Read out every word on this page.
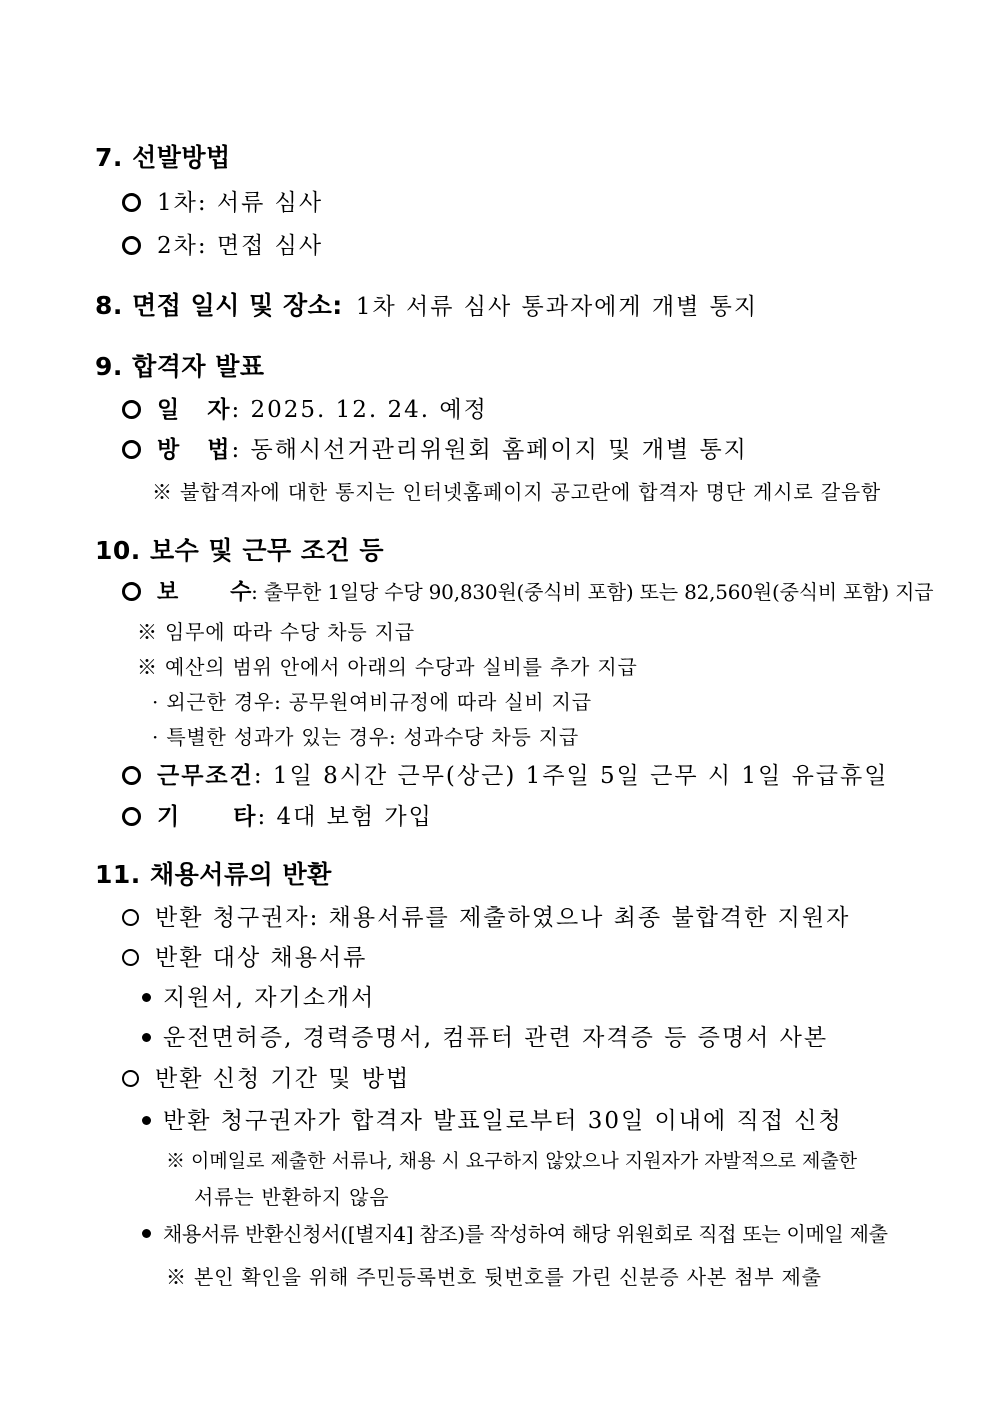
7. 선발방법
1차: 서류 심사
2차: 면접 심사
8. 면접 일시 및 장소: 1차 서류 심사 통과자에게 개별 통지
9. 합격자 발표
일 자: 2025. 12. 24. 예정
방 법: 동해시선거관리위원회 홈페이지 및 개별 통지
※ 불합격자에 대한 통지는 인터넷홈페이지 공고란에 합격자 명단 게시로 갈음함
10. 보수 및 근무 조건 등
보 수: 출무한 1일당 수당 90,830원(중식비 포함) 또는 82,560원(중식비 포함) 지급
※ 임무에 따라 수당 차등 지급
※ 예산의 범위 안에서 아래의 수당과 실비를 추가 지급
· 외근한 경우: 공무원여비규정에 따라 실비 지급
· 특별한 성과가 있는 경우: 성과수당 차등 지급
근무조건: 1일 8시간 근무(상근) 1주일 5일 근무 시 1일 유급휴일
기 타: 4대 보험 가입
11. 채용서류의 반환
반환 청구권자: 채용서류를 제출하였으나 최종 불합격한 지원자
반환 대상 채용서류
지원서, 자기소개서
운전면허증, 경력증명서, 컴퓨터 관련 자격증 등 증명서 사본
반환 신청 기간 및 방법
반환 청구권자가 합격자 발표일로부터 30일 이내에 직접 신청
※ 이메일로 제출한 서류나, 채용 시 요구하지 않았으나 지원자가 자발적으로 제출한
서류는 반환하지 않음
채용서류 반환신청서([별지4] 참조)를 작성하여 해당 위원회로 직접 또는 이메일 제출
※ 본인 확인을 위해 주민등록번호 뒷번호를 가린 신분증 사본 첨부 제출
